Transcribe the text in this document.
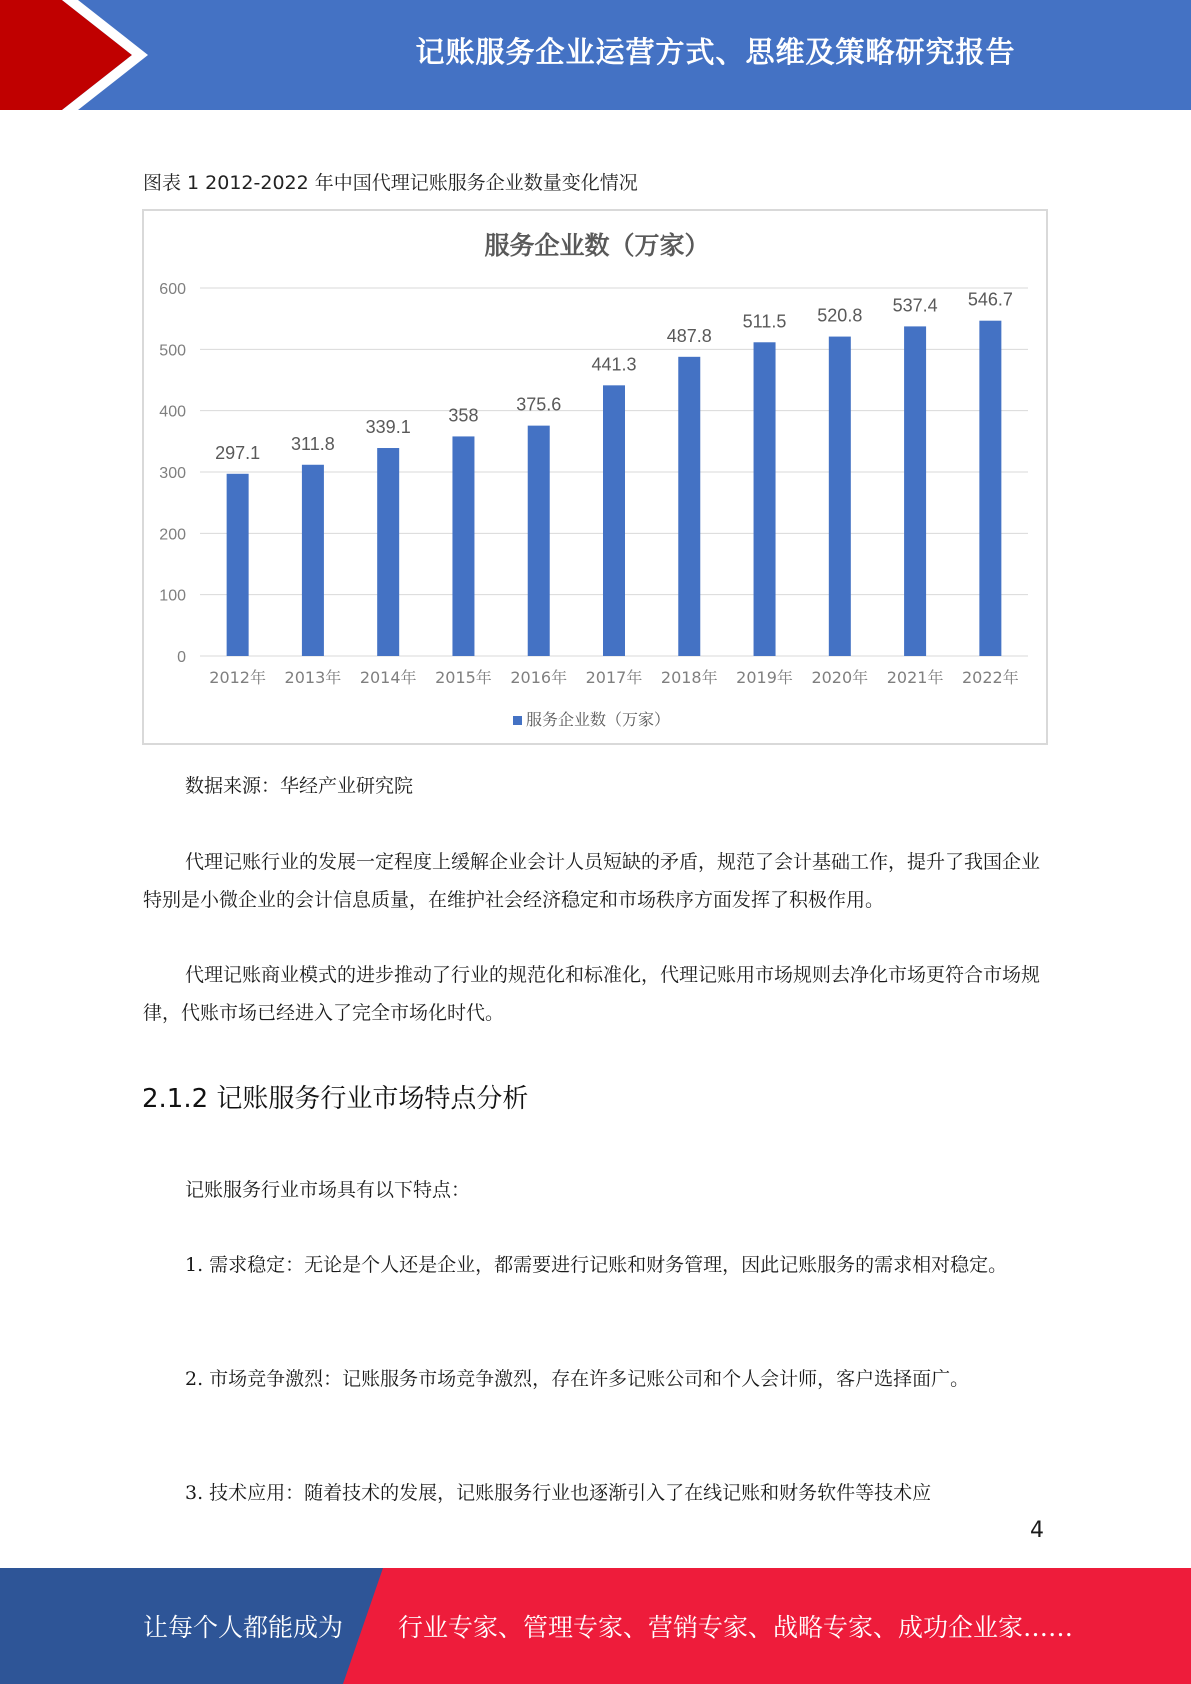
记账服务企业运营方式、思维及策略研究报告
图表 1 2012-2022 年中国代理记账服务企业数量变化情况
服务企业数（万家）
0
100
200
300
400
500
600
297.1
2012年
311.8
2013年
339.1
2014年
358
2015年
375.6
2016年
441.3
2017年
487.8
2018年
511.5
2019年
520.8
2020年
537.4
2021年
546.7
2022年
服务企业数（万家）
数据来源：华经产业研究院
代理记账行业的发展一定程度上缓解企业会计人员短缺的矛盾，规范了会计基础工作，提升了我国企业特别是小微企业的会计信息质量，在维护社会经济稳定和市场秩序方面发挥了积极作用。
代理记账商业模式的进步推动了行业的规范化和标准化，代理记账用市场规则去净化市场更符合市场规律，代账市场已经进入了完全市场化时代。
2.1.2 记账服务行业市场特点分析
记账服务行业市场具有以下特点：
1. 需求稳定：无论是个人还是企业，都需要进行记账和财务管理，因此记账服务的需求相对稳定。
2. 市场竞争激烈：记账服务市场竞争激烈，存在许多记账公司和个人会计师，客户选择面广。
3. 技术应用：随着技术的发展，记账服务行业也逐渐引入了在线记账和财务软件等技术应
4
让每个人都能成为 行业专家、管理专家、营销专家、战略专家、成功企业家……
